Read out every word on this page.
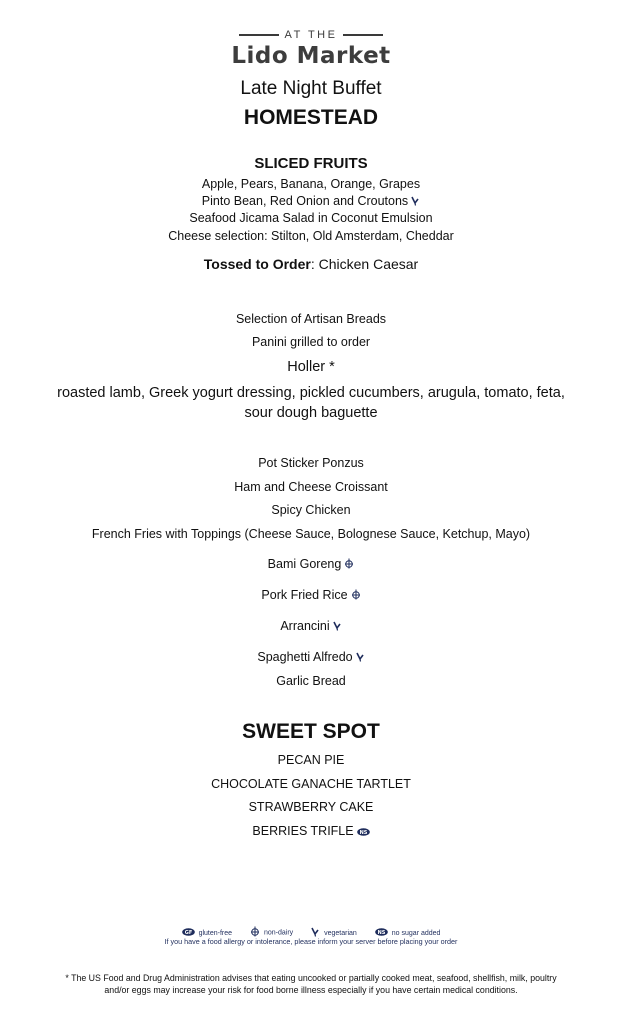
AT THE
Lido Market
Late Night Buffet
HOMESTEAD
SLICED FRUITS
Apple, Pears, Banana, Orange, Grapes
Pinto Bean, Red Onion and Croutons
Seafood Jicama Salad in Coconut Emulsion
Cheese selection: Stilton, Old Amsterdam, Cheddar
Tossed to Order: Chicken Caesar
Selection of Artisan Breads
Panini grilled to order
Holler *
roasted lamb, Greek yogurt dressing, pickled cucumbers, arugula, tomato, feta,
sour dough baguette
Pot Sticker Ponzus
Ham and Cheese Croissant
Spicy Chicken
French Fries with Toppings (Cheese Sauce, Bolognese Sauce, Ketchup, Mayo)
Bami Goreng
Pork Fried Rice
Arrancini
Spaghetti Alfredo
Garlic Bread
SWEET SPOT
PECAN PIE
CHOCOLATE GANACHE TARTLET
STRAWBERRY CAKE
BERRIES TRIFLE NS
GF gluten-free	non-dairy	vegetarian	NS no sugar added
If you have a food allergy or intolerance, please inform your server before placing your order
* The US Food and Drug Administration advises that eating uncooked or partially cooked meat, seafood, shellfish, milk, poultry
and/or eggs may increase your risk for food borne illness especially if you have certain medical conditions.
